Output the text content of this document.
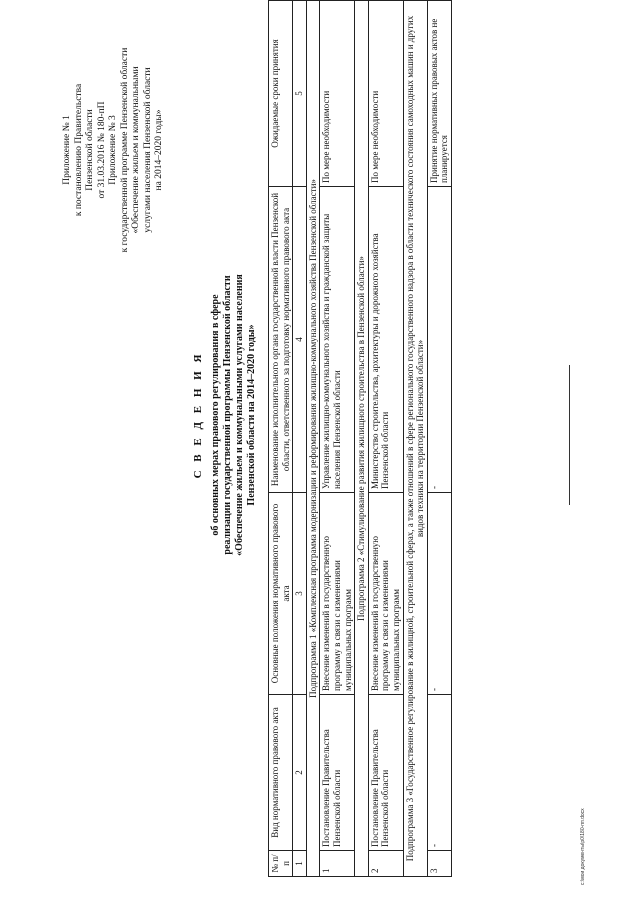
Приложение № 1 к постановлению Правительства Пензенской области от 31.03.2016 № 180-пП Приложение № 3 к государственной программе Пензенской области «Обеспечение жильем и коммунальными услугами населения Пензенской области на 2014–2020 годы»
С В Е Д Е Н И Я об основных мерах правового регулирования в сфере реализации государственной программы Пензенской области «Обеспечение жильем и коммунальными услугами населения Пензенской области на 2014–2020 годы»
№ п/п	Вид нормативного правового акта	Основные положения нормативного правового акта	Наименование исполнительного органа государственной власти Пензенской области, ответственного за подготовку нормативного правового акта	Ожидаемые сроки принятия
1	2	3	4	5
Подпрограмма 1 «Комплексная программа модернизации и реформирования жилищно-коммунального хозяйства Пензенской области»				
1	Постановление Правительства Пензенской области	Внесение изменений в государственную программу в связи с изменениями муниципальных программ	Управление жилищно-коммунального хозяйства и гражданской защиты населения Пензенской области	По мере необходимости
Подпрограмма 2 «Стимулирование развития жилищного строительства в Пензенской области»				
2	Постановление Правительства Пензенской области	Внесение изменений в государственную программу в связи с изменениями муниципальных программ	Министерство строительства, архитектуры и дорожного хозяйства Пензенской области	По мере необходимости
Подпрограмма 3 «Государственное регулирование в жилищной, строительной сферах, а также отношений в сфере регионального государственного надзора в области технического состояния самоходных машин и других видов техники на территории Пензенской области»				
3	-	-	-	Принятие нормативных правовых актов не планируется
c:\мои документы\p0\180-пп.docx
